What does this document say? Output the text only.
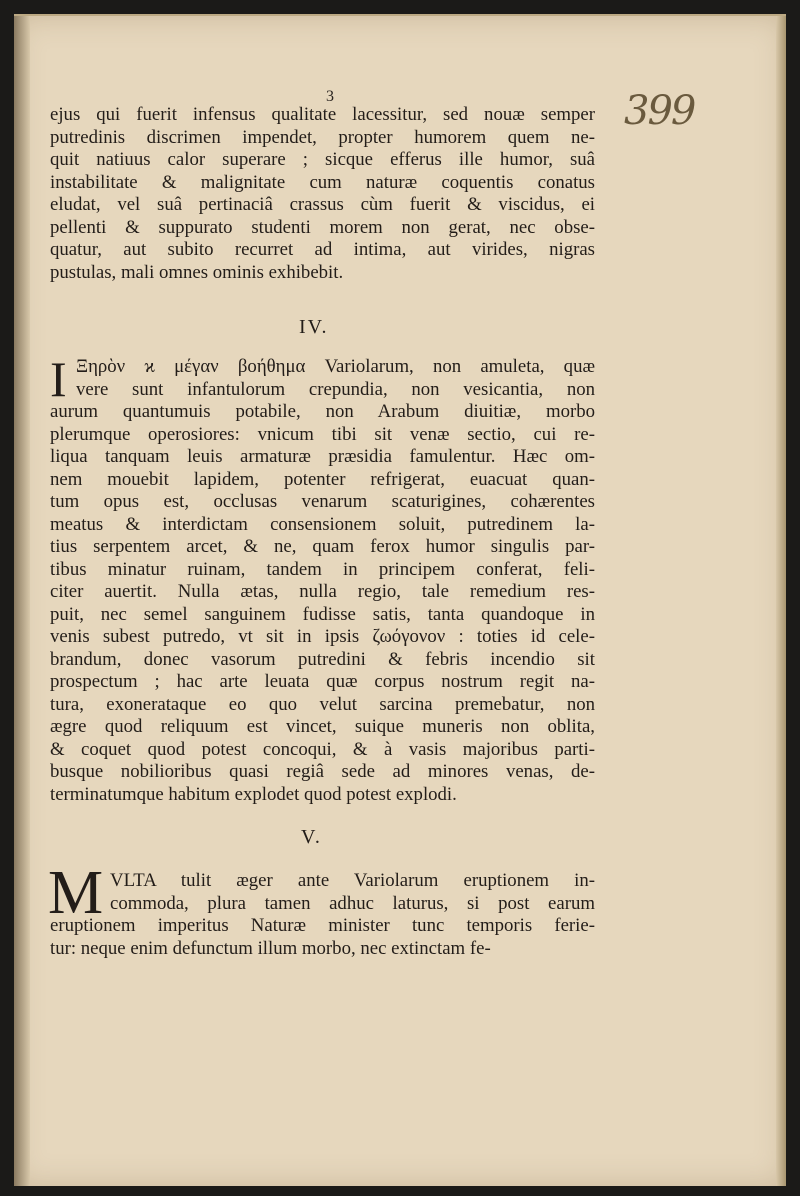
3	399
ejus qui fuerit infensus qualitate lacessitur, sed nouæ semper
putredinis discrimen impendet, propter humorem quem ne-
quit natiuus calor superare ; sicque efferus ille humor, suâ
instabilitate & malignitate cum naturæ coquentis conatus
eludat, vel suâ pertinaciâ crassus cùm fuerit & viscidus, ei
pellenti & suppurato studenti morem non gerat, nec obse-
quatur, aut subito recurret ad intima, aut virides, nigras
pustulas, mali omnes ominis exhibebit.
IV.
I Ξηρὸν ϰ μέγαν βοήθημα Variolarum, non amuleta, quæ
vere sunt infantulorum crepundia, non vesicantia, non
aurum quantumuis potabile, non Arabum diuitiæ, morbo
plerumque operosiores: vnicum tibi sit venæ sectio, cui re-
liqua tanquam leuis armaturæ præsidia famulentur. Hæc om-
nem mouebit lapidem, potenter refrigerat, euacuat quan-
tum opus est, occlusas venarum scaturigines, cohærentes
meatus & interdictam consensionem soluit, putredinem la-
tius serpentem arcet, & ne, quam ferox humor singulis par-
tibus minatur ruinam, tandem in principem conferat, feli-
citer auertit. Nulla ætas, nulla regio, tale remedium res-
puit, nec semel sanguinem fudisse satis, tanta quandoque in
venis subest putredo, vt sit in ipsis ζωόγονον : toties id cele-
brandum, donec vasorum putredini & febris incendio sit
prospectum ; hac arte leuata quæ corpus nostrum regit na-
tura, exonerataque eo quo velut sarcina premebatur, non
ægre quod reliquum est vincet, suique muneris non oblita,
& coquet quod potest concoqui, & à vasis majoribus parti-
busque nobilioribus quasi regiâ sede ad minores venas, de-
terminatumque habitum explodet quod potest explodi.
V.
M VLTA tulit æger ante Variolarum eruptionem in-
commoda, plura tamen adhuc laturus, si post earum
eruptionem imperitus Naturæ minister tunc temporis ferie-
tur: neque enim defunctum illum morbo, nec extinctam fe-
